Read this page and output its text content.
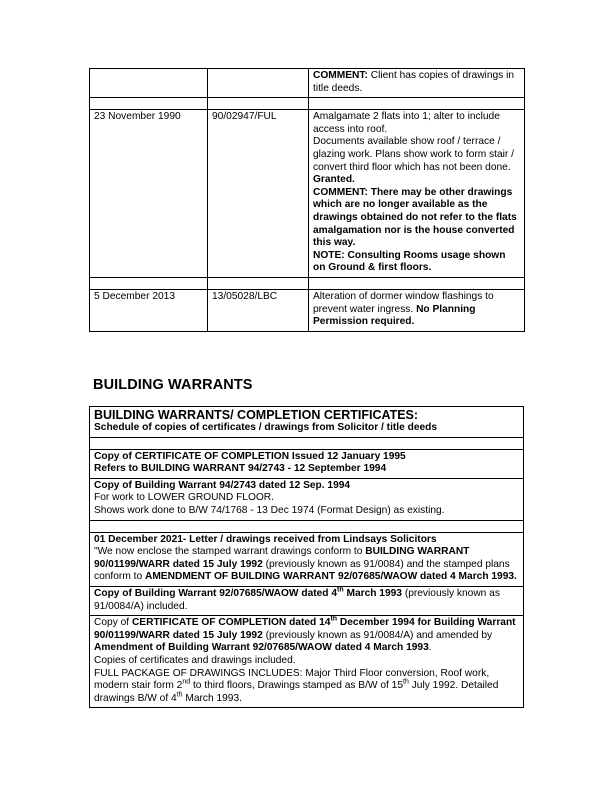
		COMMENT: Client has copies of drawings in title deeds.

23 November 1990	90/02947/FUL	Amalgamate 2 flats into 1; alter to include access into roof.
Documents available show roof / terrace / glazing work. Plans show work to form stair / convert third floor which has not been done.
Granted.
COMMENT: There may be other drawings which are no longer available as the drawings obtained do not refer to the flats amalgamation nor is the house converted this way.
NOTE: Consulting Rooms usage shown on Ground & first floors.

5 December 2013	13/05028/LBC	Alteration of dormer window flashings to prevent water ingress. No Planning Permission required.
BUILDING WARRANTS
BUILDING WARRANTS/ COMPLETION CERTIFICATES:
Schedule of copies of certificates / drawings from Solicitor / title deeds

Copy of CERTIFICATE OF COMPLETION Issued 12 January 1995
Refers to BUILDING WARRANT 94/2743 - 12 September 1994

Copy of Building Warrant 94/2743 dated 12 Sep. 1994
For work to LOWER GROUND FLOOR.
Shows work done to B/W 74/1768 - 13 Dec 1974 (Format Design) as existing.

01 December 2021- Letter / drawings received from Lindsays Solicitors
"We now enclose the stamped warrant drawings conform to BUILDING WARRANT 90/01199/WARR dated 15 July 1992 (previously known as 91/0084) and the stamped plans conform to AMENDMENT OF BUILDING WARRANT 92/07685/WAOW dated 4 March 1993.

Copy of Building Warrant 92/07685/WAOW dated 4th March 1993 (previously known as 91/0084/A) included.

Copy of CERTIFICATE OF COMPLETION dated 14th December 1994 for Building Warrant 90/01199/WARR dated 15 July 1992 (previously known as 91/0084/A) and amended by Amendment of Building Warrant 92/07685/WAOW dated 4 March 1993.
Copies of certificates and drawings included.
FULL PACKAGE OF DRAWINGS INCLUDES: Major Third Floor conversion, Roof work, modern stair form 2nd to third floors, Drawings stamped as B/W of 15th July 1992. Detailed drawings B/W of 4th March 1993.
